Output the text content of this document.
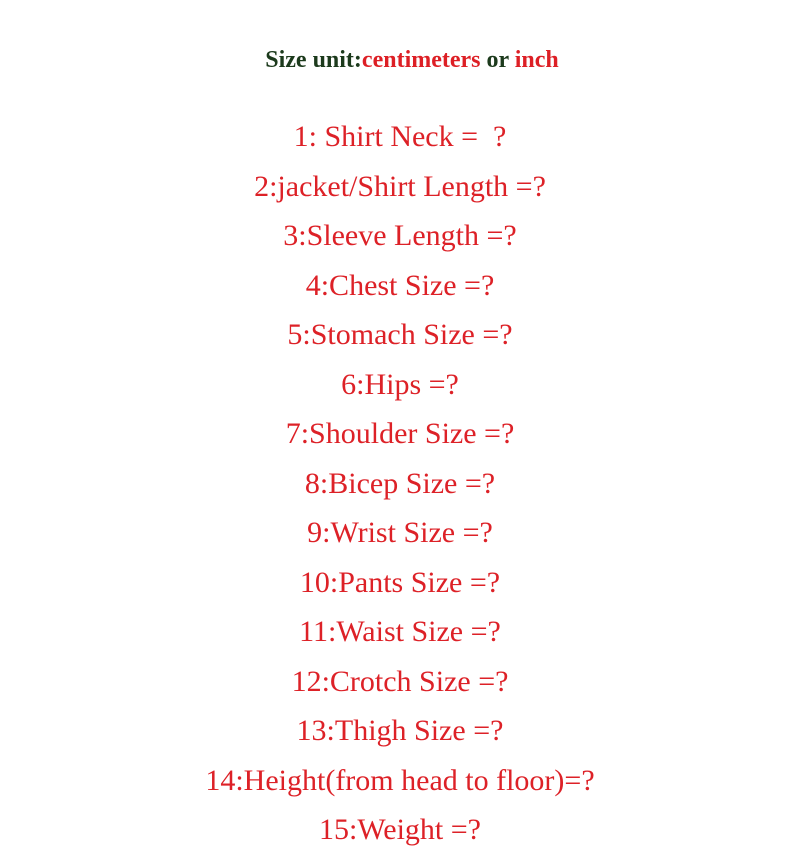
Size unit:centimeters or inch

1: Shirt Neck =  ?
2:jacket/Shirt Length =?
3:Sleeve Length =?
4:Chest Size =?
5:Stomach Size =?
6:Hips =?
7:Shoulder Size =?
8:Bicep Size =?
9:Wrist Size =?
10:Pants Size =?
11:Waist Size =?
12:Crotch Size =?
13:Thigh Size =?
14:Height(from head to floor)=?
15:Weight =?
